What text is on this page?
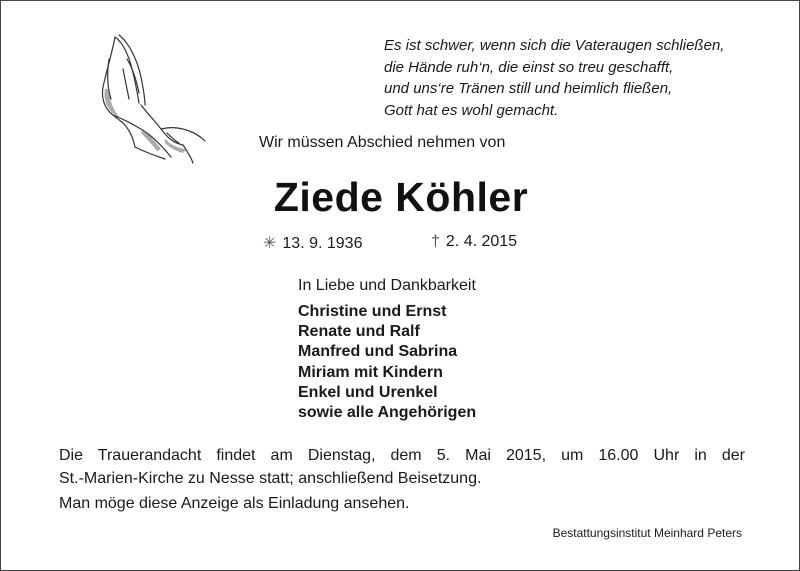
Es ist schwer, wenn sich die Vateraugen schließen,
die Hände ruh‘n, die einst so treu geschafft,
und uns‘re Tränen still und heimlich fließen,
Gott hat es wohl gemacht.
Wir müssen Abschied nehmen von
Ziede Köhler
✳ 13. 9. 1936	† 2. 4. 2015
In Liebe und Dankbarkeit
Christine und Ernst
Renate und Ralf
Manfred und Sabrina
Miriam mit Kindern
Enkel und Urenkel
sowie alle Angehörigen
Die Trauerandacht findet am Dienstag, dem 5. Mai 2015, um 16.00 Uhr in der
St.-Marien-Kirche zu Nesse statt; anschließend Beisetzung.
Man möge diese Anzeige als Einladung ansehen.
Bestattungsinstitut Meinhard Peters
